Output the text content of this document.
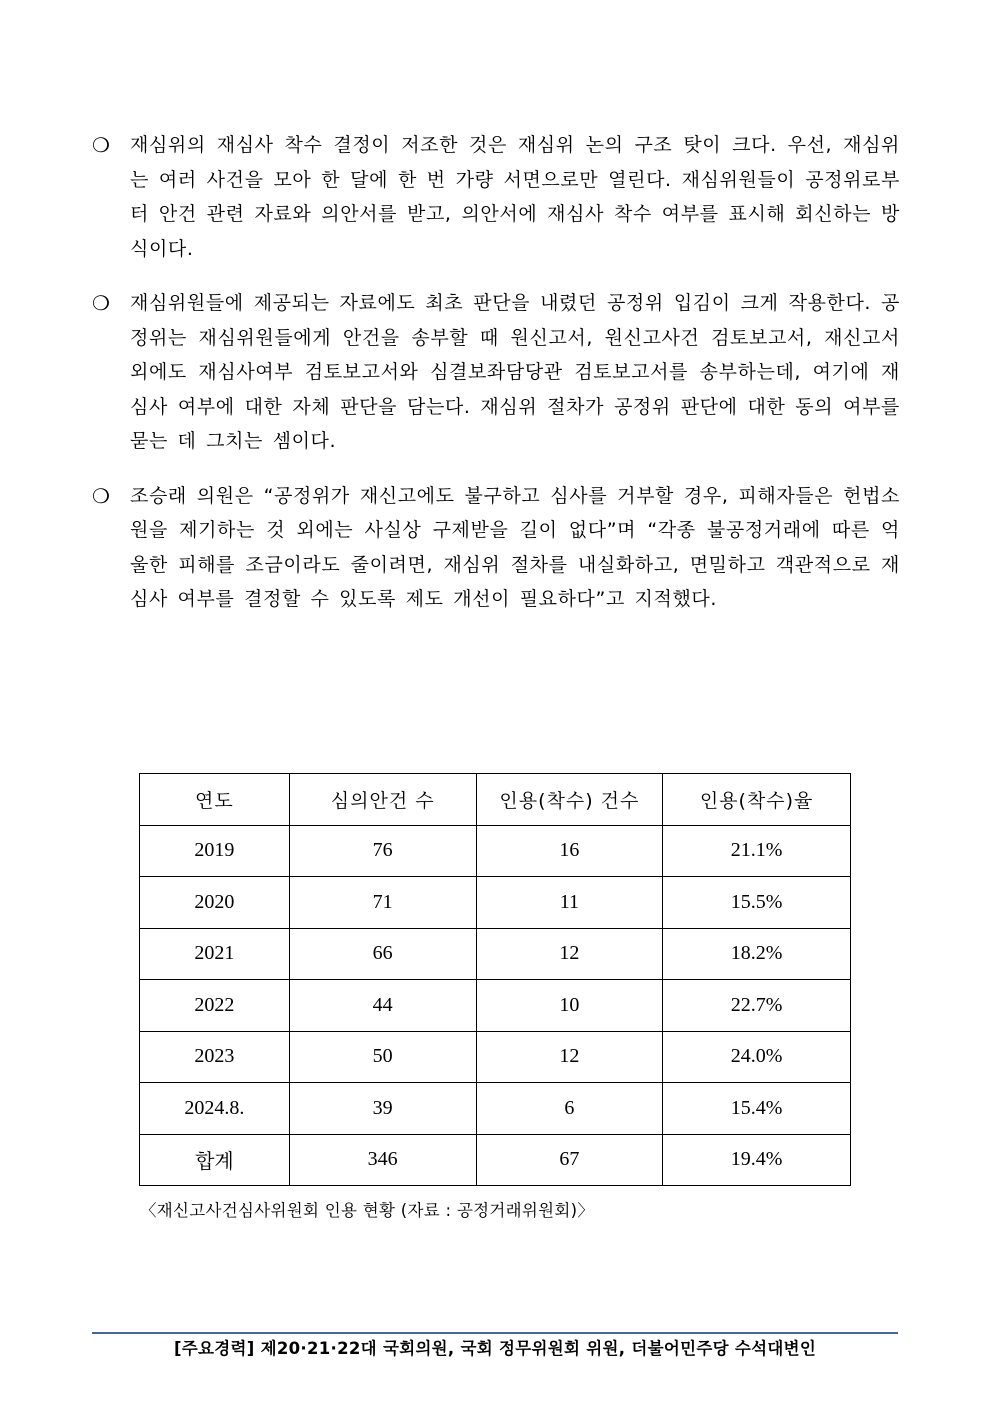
❍ 재심위의 재심사 착수 결정이 저조한 것은 재심위 논의 구조 탓이 크다. 우선, 재심위는 여러 사건을 모아 한 달에 한 번 가량 서면으로만 열린다. 재심위원들이 공정위로부터 안건 관련 자료와 의안서를 받고, 의안서에 재심사 착수 여부를 표시해 회신하는 방식이다.
❍ 재심위원들에 제공되는 자료에도 최초 판단을 내렸던 공정위 입김이 크게 작용한다. 공정위는 재심위원들에게 안건을 송부할 때 원신고서, 원신고사건 검토보고서, 재신고서 외에도 재심사여부 검토보고서와 심결보좌담당관 검토보고서를 송부하는데, 여기에 재심사 여부에 대한 자체 판단을 담는다. 재심위 절차가 공정위 판단에 대한 동의 여부를 묻는 데 그치는 셈이다.
❍ 조승래 의원은 “공정위가 재신고에도 불구하고 심사를 거부할 경우, 피해자들은 헌법소원을 제기하는 것 외에는 사실상 구제받을 길이 없다”며 “각종 불공정거래에 따른 억울한 피해를 조금이라도 줄이려면, 재심위 절차를 내실화하고, 면밀하고 객관적으로 재심사 여부를 결정할 수 있도록 제도 개선이 필요하다”고 지적했다.
연도	심의안건 수	인용(착수) 건수	인용(착수)율
2019	76	16	21.1%
2020	71	11	15.5%
2021	66	12	18.2%
2022	44	10	22.7%
2023	50	12	24.0%
2024.8.	39	6	15.4%
합계	346	67	19.4%
〈재신고사건심사위원회 인용 현황 (자료 : 공정거래위원회)〉
[주요경력] 제20·21·22대 국회의원, 국회 정무위원회 위원, 더불어민주당 수석대변인
